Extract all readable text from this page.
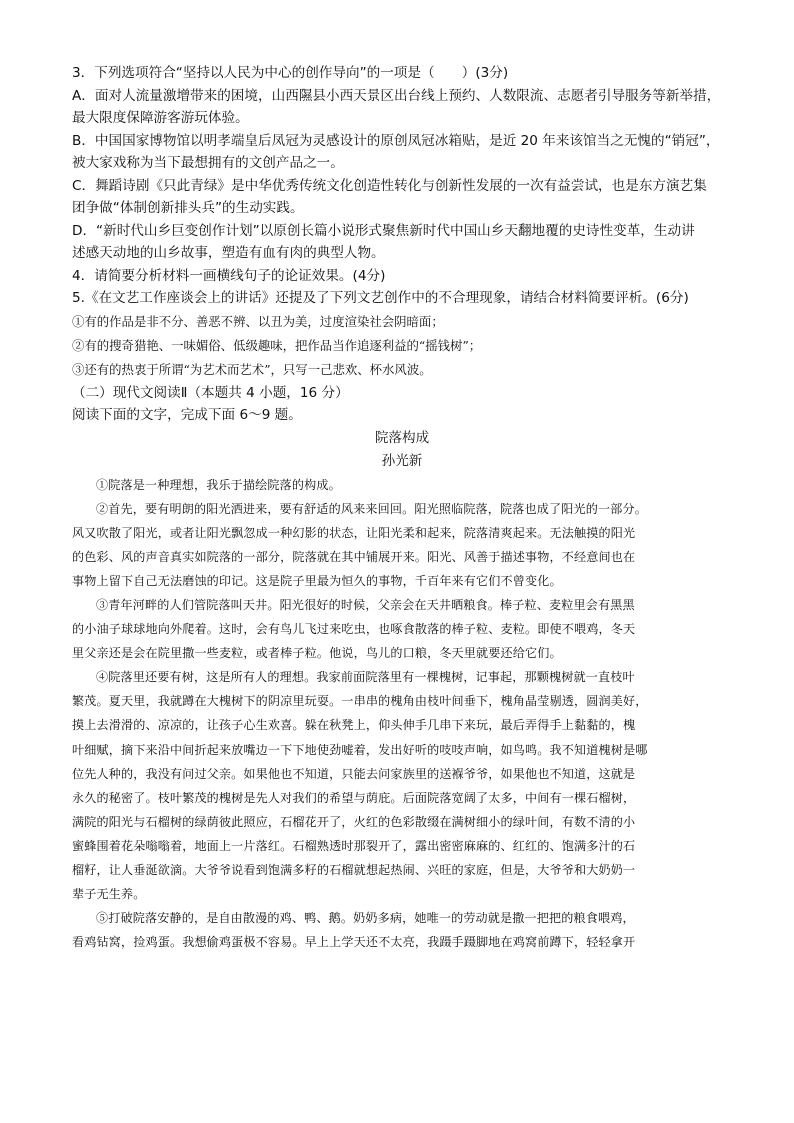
3．下列选项符合“坚持以人民为中心的创作导向”的一项是（　　）(3分)

A．面对人流量激增带来的困境，山西隰县小西天景区出台线上预约、人数限流、志愿者引导服务等新举措，

最大限度保障游客游玩体验。

B．中国国家博物馆以明孝端皇后凤冠为灵感设计的原创凤冠冰箱贴，是近 20 年来该馆当之无愧的“销冠”，

被大家戏称为当下最想拥有的文创产品之一。

C．舞蹈诗剧《只此青绿》是中华优秀传统文化创造性转化与创新性发展的一次有益尝试，也是东方演艺集

团争做“体制创新排头兵”的生动实践。

D．“新时代山乡巨变创作计划”以原创长篇小说形式聚焦新时代中国山乡天翻地覆的史诗性变革，生动讲

述感天动地的山乡故事，塑造有血有肉的典型人物。

4．请简要分析材料一画横线句子的论证效果。(4分)

5.《在文艺工作座谈会上的讲话》还提及了下列文艺创作中的不合理现象，请结合材料简要评析。(6分)

①有的作品是非不分、善恶不辨、以丑为美，过度渲染社会阴暗面；

②有的搜奇猎艳、一味媚俗、低级趣味，把作品当作追逐利益的“摇钱树”；

③还有的热衷于所谓“为艺术而艺术”，只写一己悲欢、杯水风波。

（二）现代文阅读Ⅱ（本题共 4 小题，16 分）

阅读下面的文字，完成下面 6～9 题。

院落构成

孙光新

①院落是一种理想，我乐于描绘院落的构成。

②首先，要有明朗的阳光洒进来，要有舒适的风来来回回。阳光照临院落，院落也成了阳光的一部分。

风又吹散了阳光，或者让阳光飘忽成一种幻影的状态，让阳光柔和起来，院落清爽起来。无法触摸的阳光

的色彩、风的声音真实如院落的一部分，院落就在其中铺展开来。阳光、风善于描述事物，不经意间也在

事物上留下自己无法磨蚀的印记。这是院子里最为恒久的事物，千百年来有它们不曾变化。

③青年河畔的人们管院落叫天井。阳光很好的时候，父亲会在天井晒粮食。棒子粒、麦粒里会有黑黑

的小油子球球地向外爬着。这时，会有鸟儿飞过来吃虫，也啄食散落的棒子粒、麦粒。即使不喂鸡，冬天

里父亲还是会在院里撒一些麦粒，或者棒子粒。他说，鸟儿的口粮，冬天里就要还给它们。

④院落里还要有树，这是所有人的理想。我家前面院落里有一棵槐树，记事起，那颗槐树就一直枝叶

繁茂。夏天里，我就蹲在大槐树下的阴凉里玩耍。一串串的槐角由枝叶间垂下，槐角晶莹剔透，圆润美好，

摸上去滑滑的、凉凉的，让孩子心生欢喜。躲在秋凳上，仰头伸手几串下来玩，最后弄得手上黏黏的，槐

叶细赋，摘下来沿中间折起来放嘴边一下下地使劲嘘着，发出好听的吱吱声响，如鸟鸣。我不知道槐树是哪

位先人种的，我没有问过父亲。如果他也不知道，只能去问家族里的送褓爷爷，如果他也不知道，这就是

永久的秘密了。枝叶繁茂的槐树是先人对我们的希望与荫庇。后面院落宽阔了太多，中间有一棵石榴树，

满院的阳光与石榴树的绿荫彼此照应，石榴花开了，火红的色彩散缀在满树细小的绿叶间，有数不清的小

蜜蜂围着花朵嗡嗡着，地面上一片落红。石榴熟透时那裂开了，露出密密麻麻的、红红的、饱满多汁的石

榴籽，让人垂涎欲滴。大爷爷说看到饱满多籽的石榴就想起热闹、兴旺的家庭，但是，大爷爷和大奶奶一

辈子无生养。

⑤打破院落安静的，是自由散漫的鸡、鸭、鹅。奶奶多病，她唯一的劳动就是撒一把把的粮食喂鸡，

看鸡钻窝，捡鸡蛋。我想偷鸡蛋极不容易。早上上学天还不太亮，我蹑手蹑脚地在鸡窝前蹲下，轻轻拿开
